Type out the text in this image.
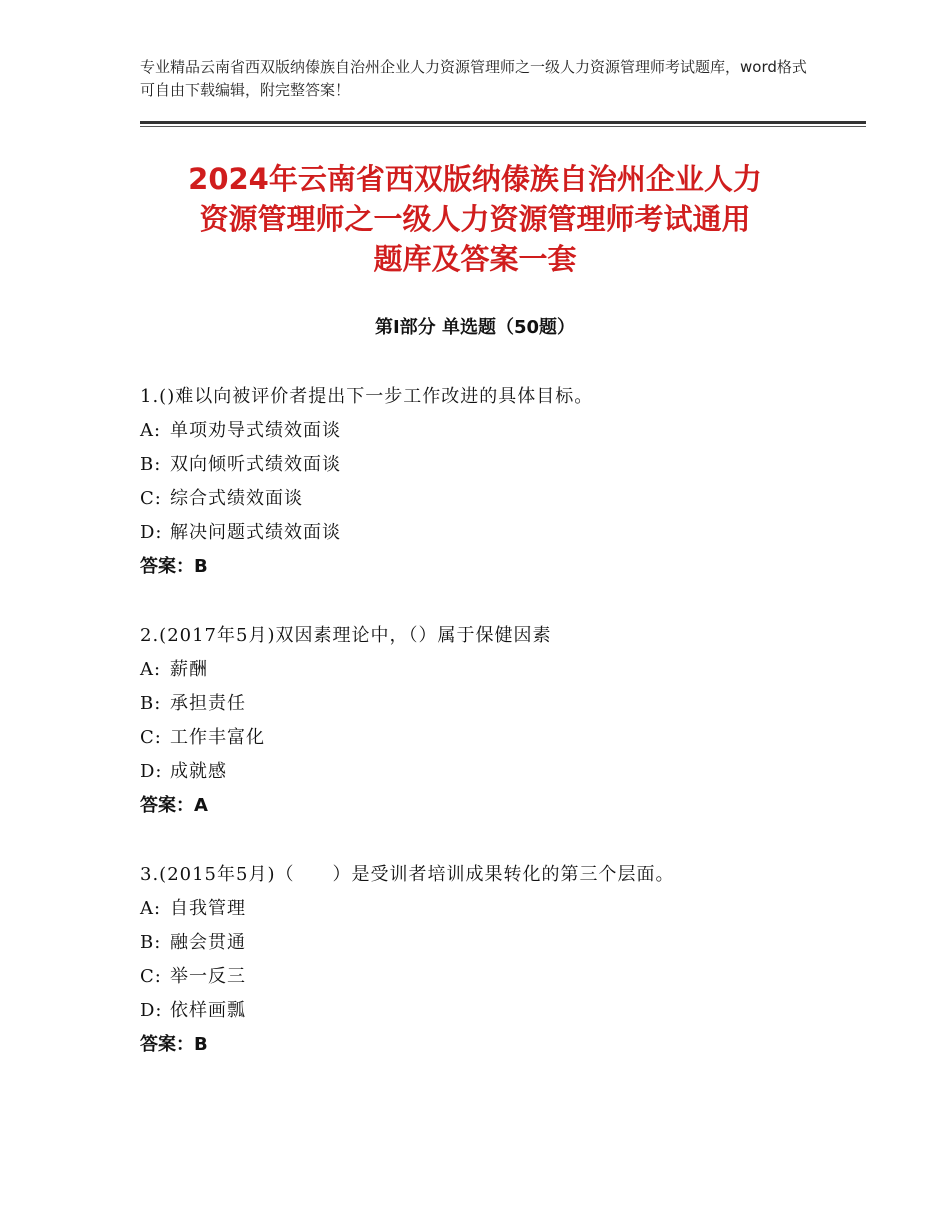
专业精品云南省西双版纳傣族自治州企业人力资源管理师之一级人力资源管理师考试题库，word格式可自由下载编辑，附完整答案！
2024年云南省西双版纳傣族自治州企业人力
资源管理师之一级人力资源管理师考试通用
题库及答案一套
第Ⅰ部分 单选题（50题）
1.()难以向被评价者提出下一步工作改进的具体目标。
A: 单项劝导式绩效面谈
B: 双向倾听式绩效面谈
C: 综合式绩效面谈
D: 解决问题式绩效面谈
答案：B
2.(2017年5月)双因素理论中，（）属于保健因素
A: 薪酬
B: 承担责任
C: 工作丰富化
D: 成就感
答案：A
3.(2015年5月)（　　）是受训者培训成果转化的第三个层面。
A: 自我管理
B: 融会贯通
C: 举一反三
D: 依样画瓢
答案：B
